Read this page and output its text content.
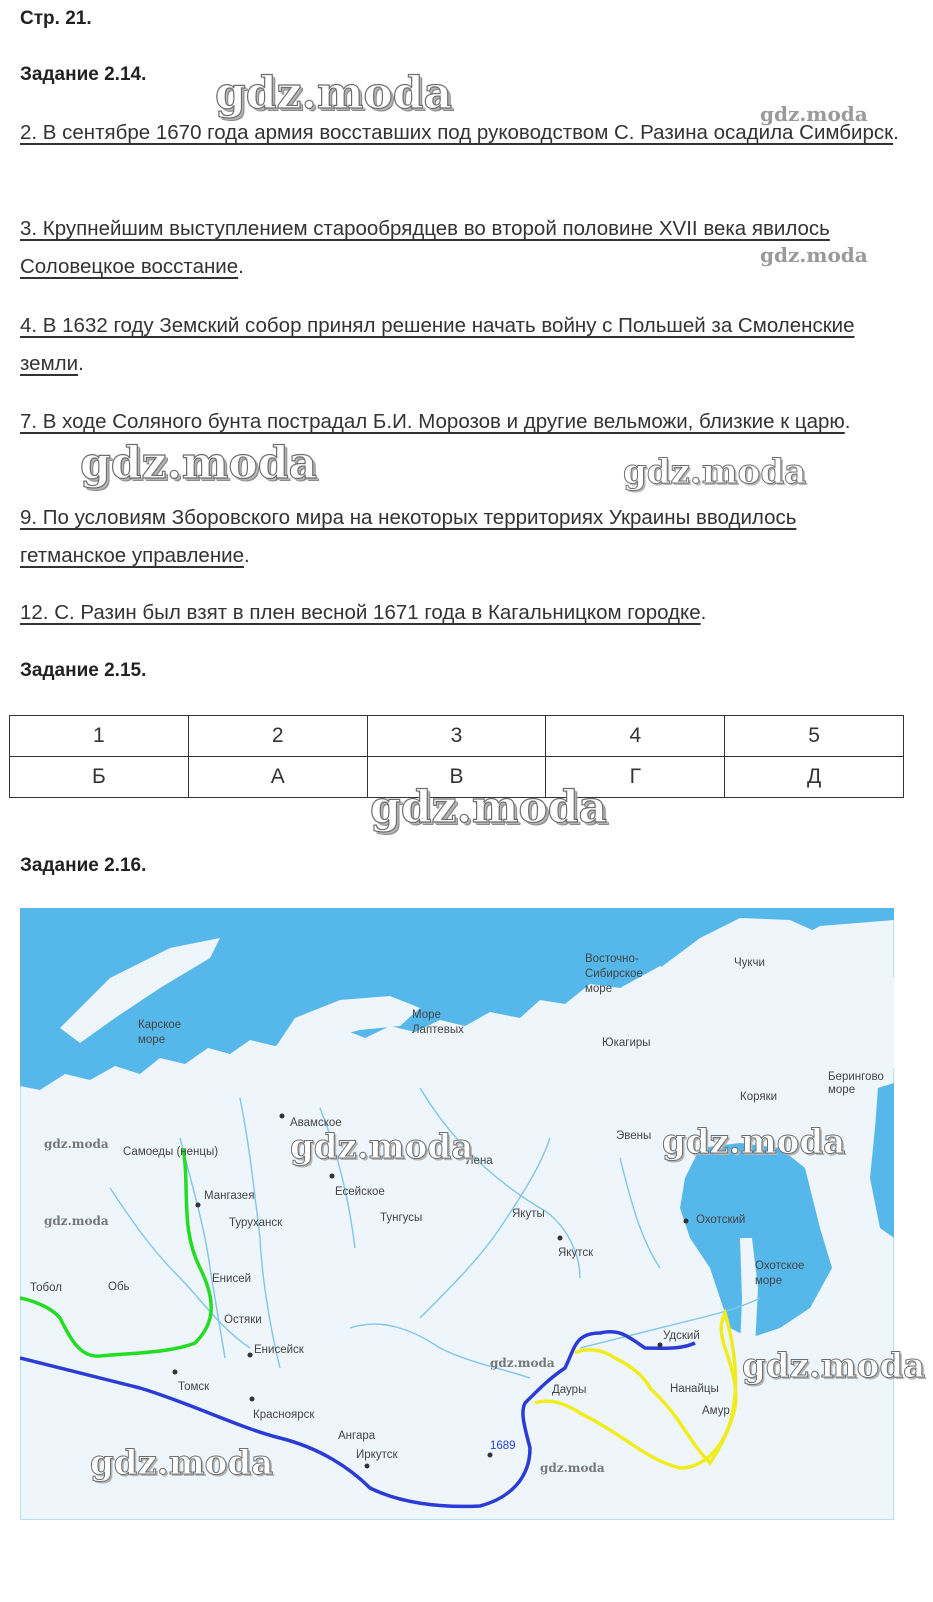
Стр. 21.
Задание 2.14.
2. В сентябре 1670 года армия восставших под руководством С. Разина осадила Симбирск.
3. Крупнейшим выступлением старообрядцев во второй половине XVII века явилось Соловецкое восстание.
4. В 1632 году Земский собор принял решение начать войну с Польшей за Смоленские земли.
7. В ходе Соляного бунта пострадал Б.И. Морозов и другие вельможи, близкие к царю.
9. По условиям Зборовского мира на некоторых территориях Украины вводилось гетманское управление.
12. С. Разин был взят в плен весной 1671 года в Кагальницком городке.
Задание 2.15.
1	2	3	4	5
Б	А	В	Г	Д
Задание 2.16.
Карское
море
Море
Лаптевых
Восточно-
Сибирское
море
Чукчи
Юкагиры
Берингово
море
Коряки
Авамское
Эвены
Самоеды (ненцы)
Лена
Мангазея	Есейское
Туруханск	Тунгусы	Якуты	Охотский
Якутск
Енисей
Тобол	Обь
Охотское
море
Остяки
Удский
Енисейск
Дауры	Нанайцы
Томск
Амур
Красноярск
Ангара
Иркутск
1689
gdz.moda	gdz.moda
gdz.moda
gdz.moda	gdz.moda
gdz.moda
gdz.moda	gdz.moda
gdz.moda
gdz.moda
gdz.moda	gdz.moda
gdz.moda	gdz.moda
